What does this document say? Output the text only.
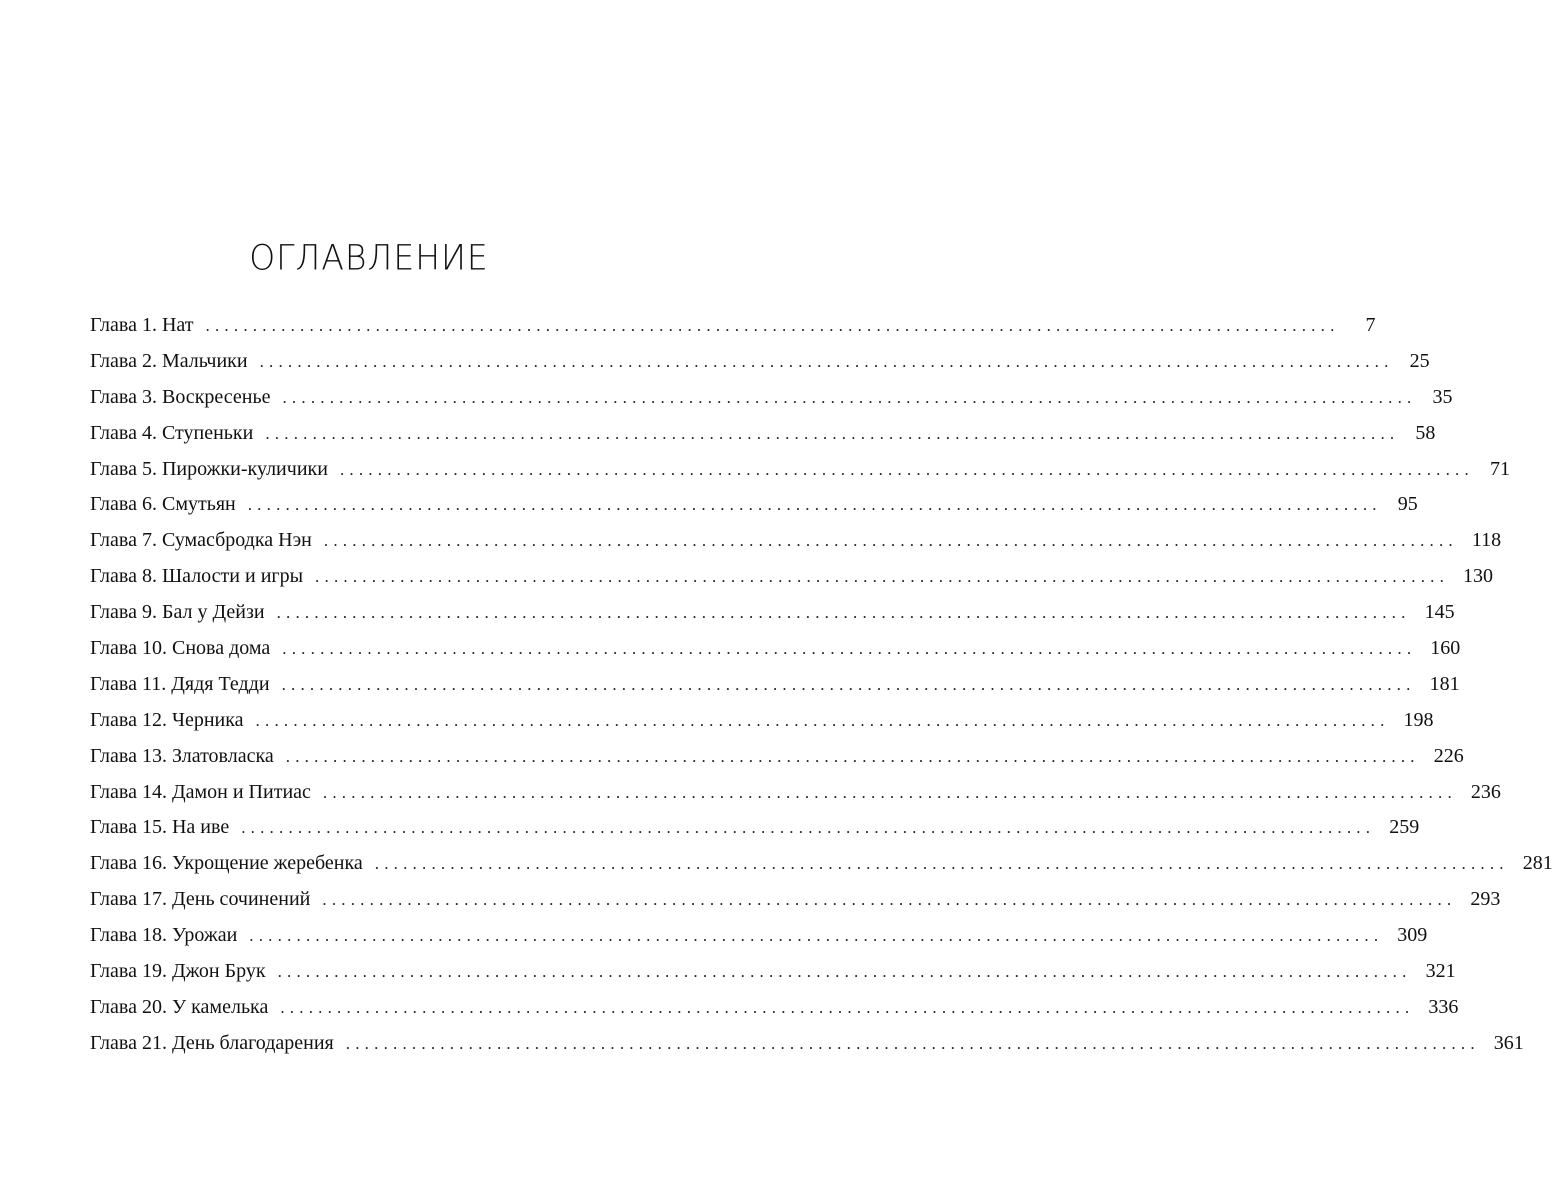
ОГЛАВЛЕНИЕ
Глава 1. Нат ........................................................................................................................	7
Глава 2. Мальчики ........................................................................................................................ 25
Глава 3. Воскресенье ........................................................................................................................ 35
Глава 4. Ступеньки ........................................................................................................................ 58
Глава 5. Пирожки-куличики ........................................................................................................................ 71
Глава 6. Смутьян ........................................................................................................................ 95
Глава 7. Сумасбродка Нэн ........................................................................................................................ 118
Глава 8. Шалости и игры ........................................................................................................................ 130
Глава 9. Бал у Дейзи ........................................................................................................................ 145
Глава 10. Снова дома ........................................................................................................................ 160
Глава 11. Дядя Тедди ........................................................................................................................ 181
Глава 12. Черника ........................................................................................................................ 198
Глава 13. Златовласка ........................................................................................................................ 226
Глава 14. Дамон и Питиас ........................................................................................................................ 236
Глава 15. На иве ........................................................................................................................ 259
Глава 16. Укрощение жеребенка ........................................................................................................................ 281
Глава 17. День сочинений ........................................................................................................................ 293
Глава 18. Урожаи ........................................................................................................................ 309
Глава 19. Джон Брук ........................................................................................................................ 321
Глава 20. У камелька ........................................................................................................................ 336
Глава 21. День благодарения ........................................................................................................................ 361
